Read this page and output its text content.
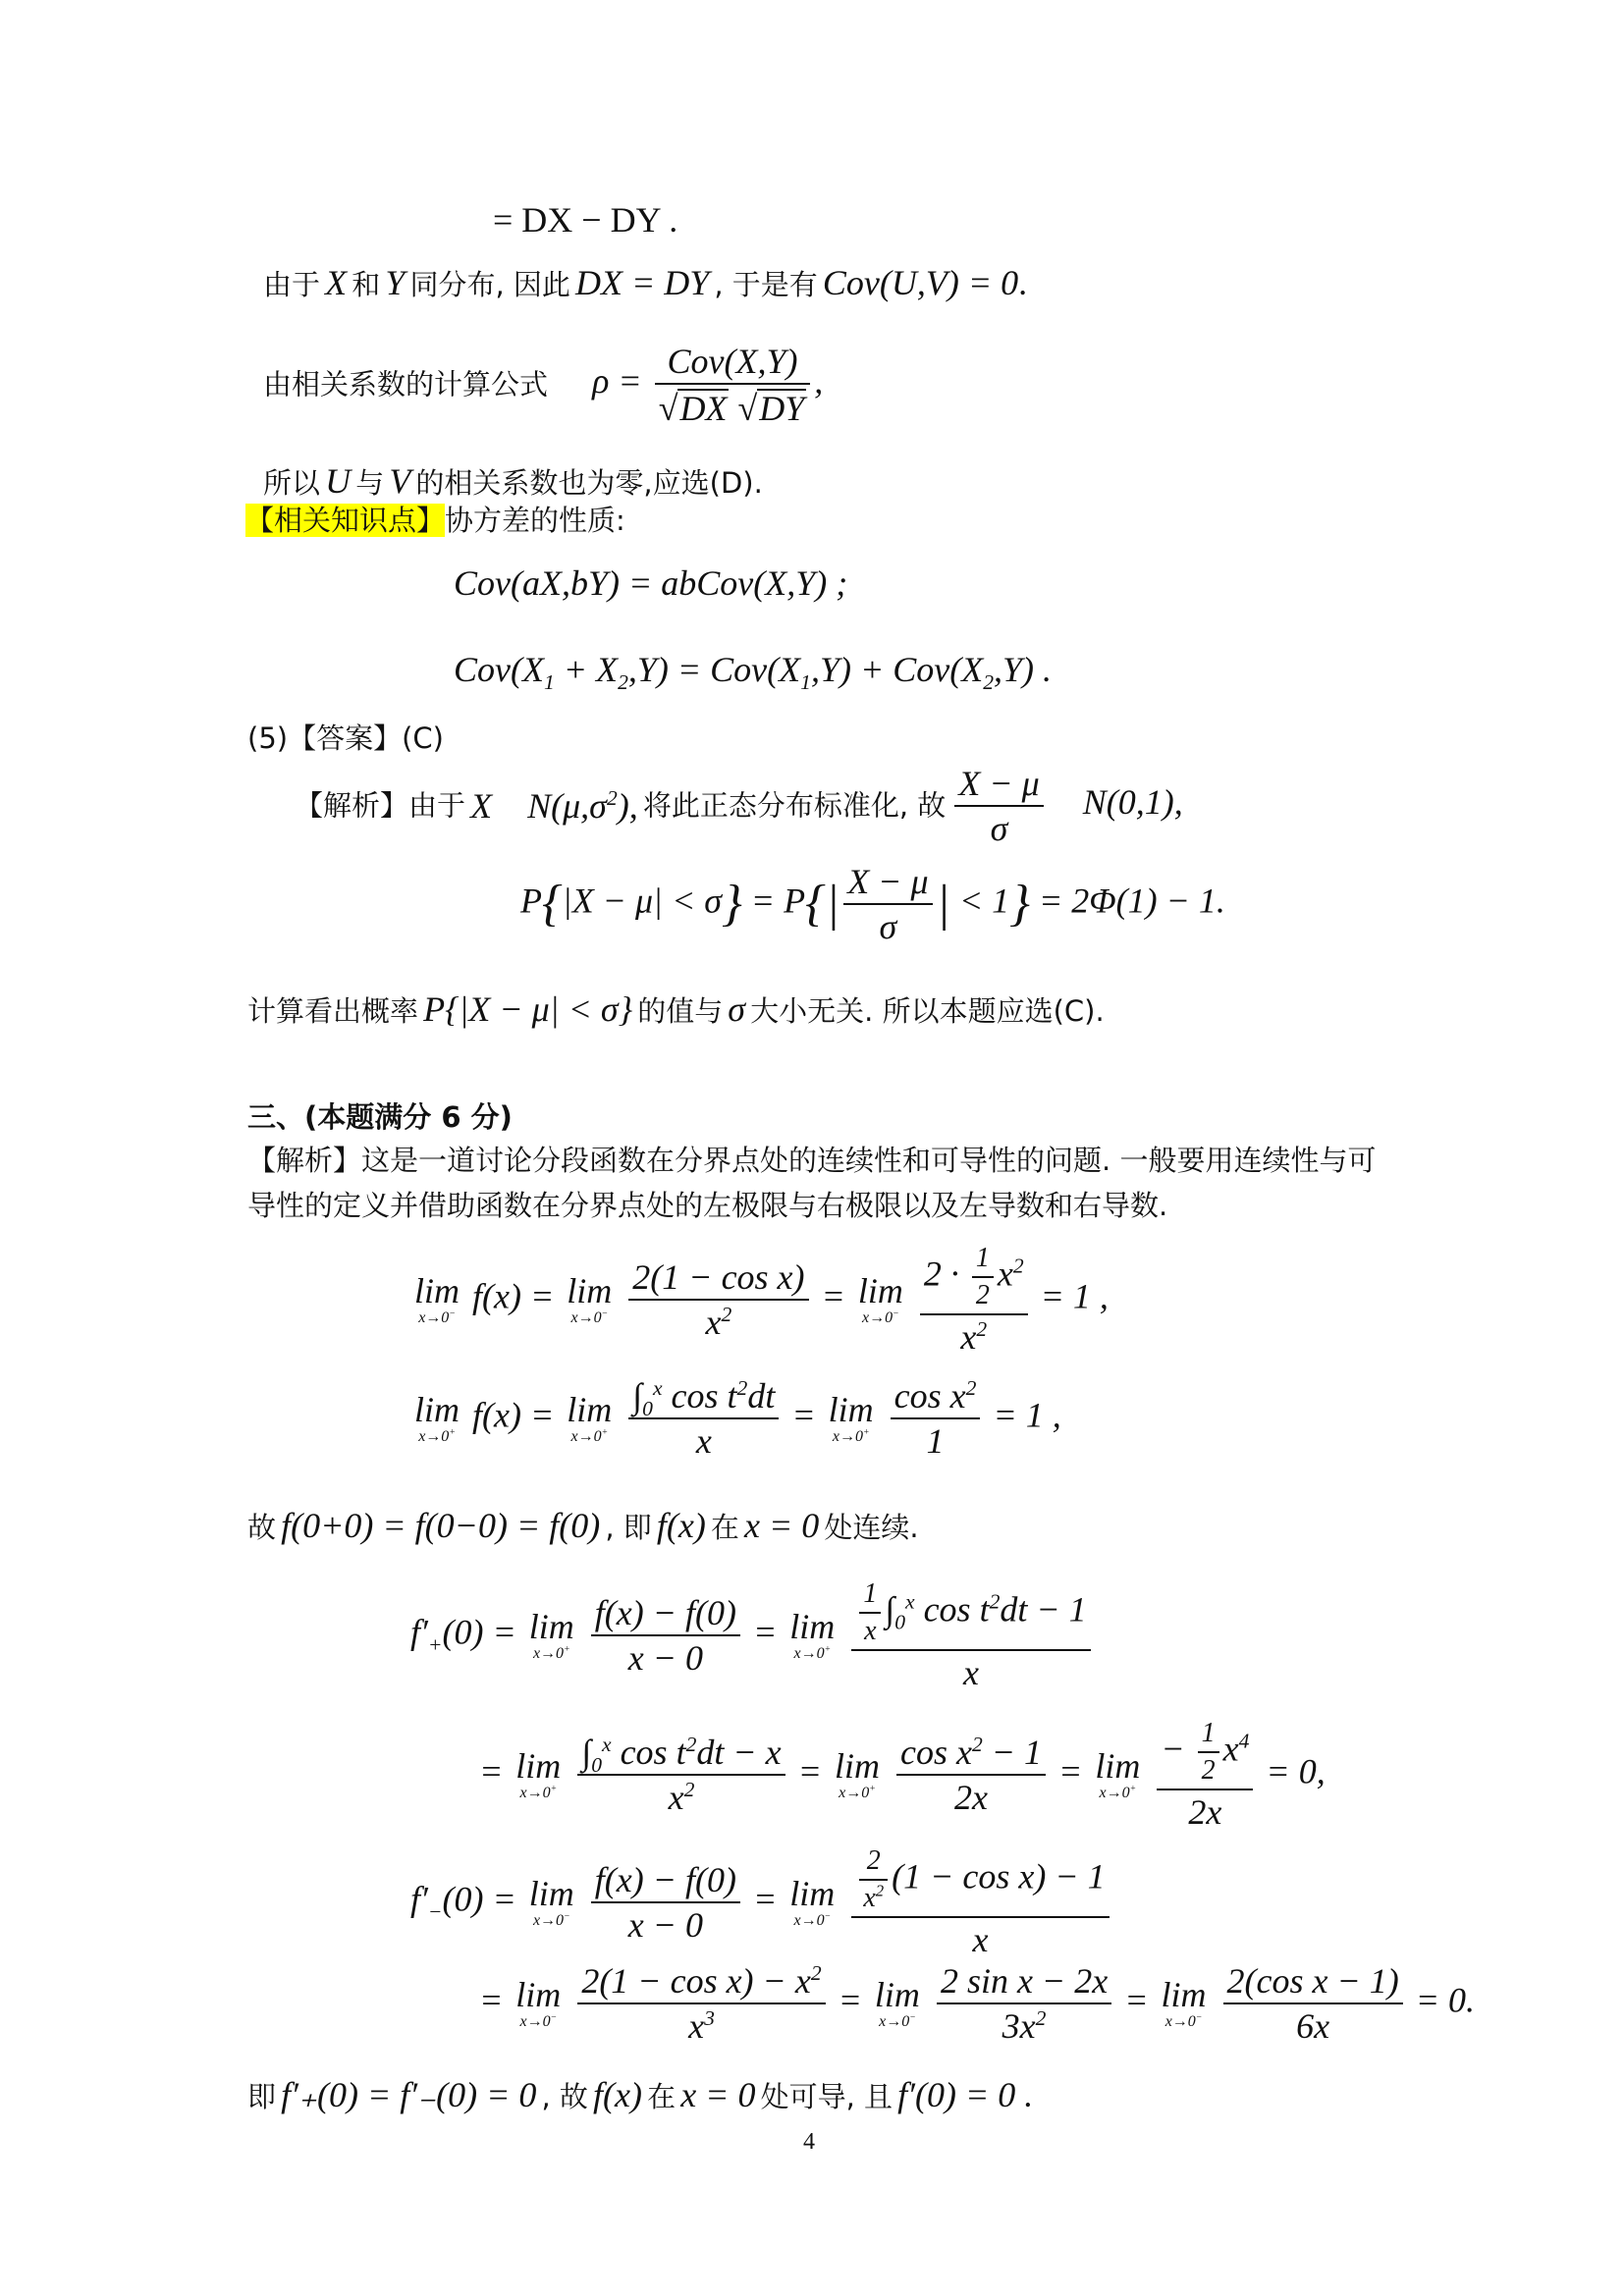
= DX − DY .
由于 X 和 Y 同分布, 因此 DX = DY , 于是有 Cov(U,V) = 0.
由相关系数的计算公式 $\rho = \frac{\text{Cov(X,Y)}}{√DX √DY}$ ,
所以 U 与 V 的相关系数也为零,应选(D).
【相关知识点】协方差的性质:
Cov(aX,bY) = abCov(X,Y) ;
$Cov(X_1 + X_2,Y) = Cov(X_1,Y) + Cov(X_2,Y)$ .
(5)【答案】(C)
【解析】由于 X    $N(\mu,\sigma^2)$, 将此正态分布标准化, 故 $\frac{X - \mu}{\sigma} N(0,1)$,
$P\{|X - \mu| < \sigma\} = P\{| \frac{X - \mu}{\sigma}$ | < 1} = 2Φ(1) − 1.
计算看出概率 P{|X − μ| < σ} 的值与 σ 大小无关. 所以本题应选(C).
三、(本题满分 6 分)
【解析】这是一道讨论分段函数在分界点处的连续性和可导性的问题. 一般要用连续性与可
导性的定义并借助函数在分界点处的左极限与右极限以及左导数和右导数.
lim
x→0− f(x) = lim
x→0−
$\frac{\text{2(1 − cos x)}}{x^2} = \lim$
x→0−
$\frac{2 \cdot \frac{1}{2} x^2}{x^2} = 1$ ,
lim
x→0+ f(x) = lim
x→0+
$\frac{\int_0^x \cos t^2dt}{x} = \lim$
x→0+
$\frac{\cos x^2}{1} = 1$ ,
故 f(0+0) = f(0−0) = f(0) , 即 f(x) 在 x = 0 处连续.
$f'_+(0) = \lim$
x→0+
$\frac{f(x) - f(0)}{x - 0} = \lim$
x→0+
$\frac{\frac{1}{x} \int_0^x \cos t^2dt - 1}{x}$
= lim
x→0+
$\frac{\int_0^x \cos t^2dt - x}{x^2} = \lim$
x→0+
$\frac{\cos x^2 - 1}{2x} = \lim$
x→0+
$\frac{- \frac{1}{2} x^4}{2x} = 0$,
$f'_-(0) = \lim$
x→0−
$\frac{f(x) - f(0)}{x - 0} = \lim$
x→0−
$\frac{\frac{2}{x^2} (1 - \cos x) - 1}{x}$
= lim
x→0−
$\frac{2(1 - \cos x) - x^2}{x^3} = \lim$
x→0−
$\frac{\text{2 sin x − 2x}}{3x^2} = \lim$
x→0−
$\frac{\text{2(cos x − 1)}}{6x} = 0$.
即 f′₊(0) = f′₋(0) = 0 , 故 f(x) 在 x = 0 处可导, 且 f′(0) = 0 .
4
